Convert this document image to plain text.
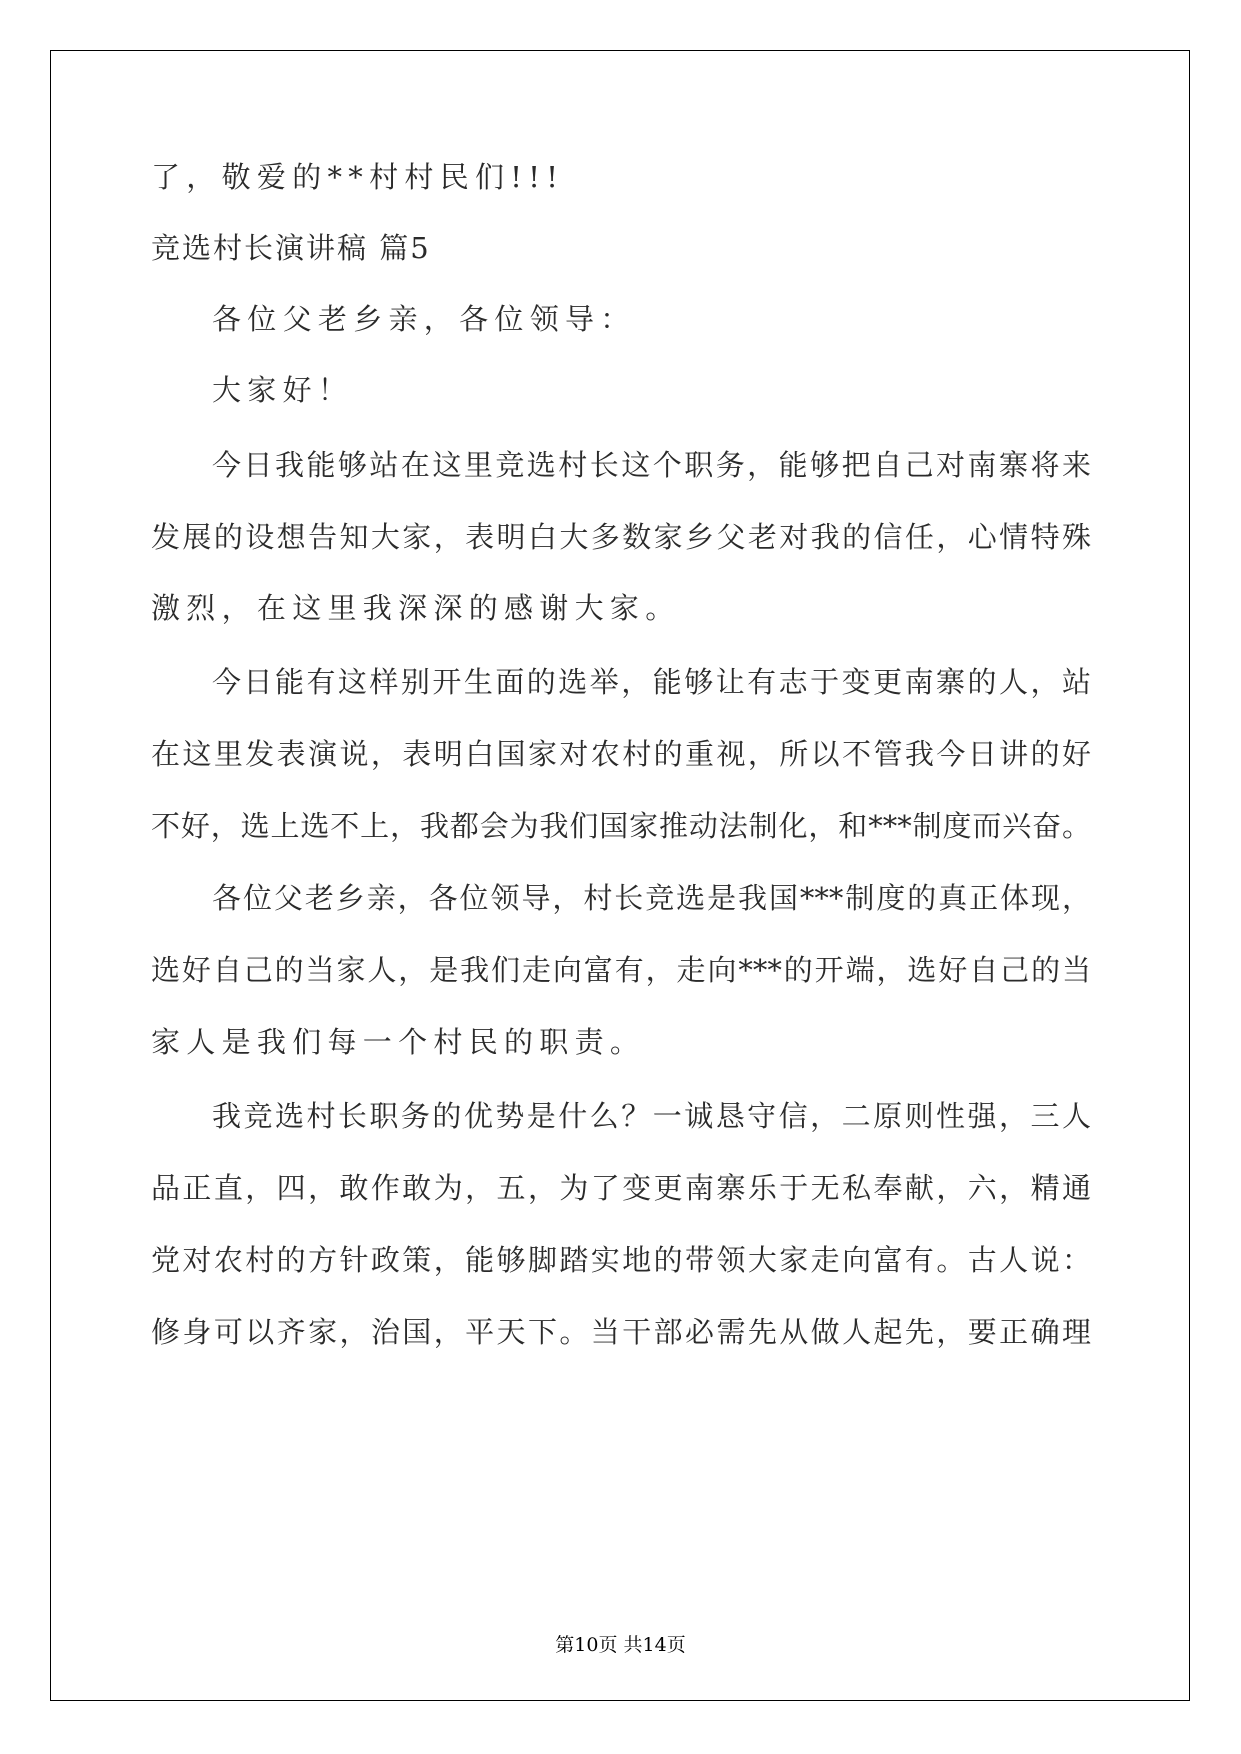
了，敬爱的**村村民们!!!
竞选村长演讲稿 篇5
各位父老乡亲，各位领导：
大家好！
今日我能够站在这里竞选村长这个职务，能够把自己对南寨将来
发展的设想告知大家，表明白大多数家乡父老对我的信任，心情特殊
激烈，在这里我深深的感谢大家。
今日能有这样别开生面的选举，能够让有志于变更南寨的人，站
在这里发表演说，表明白国家对农村的重视，所以不管我今日讲的好
不好，选上选不上，我都会为我们国家推动法制化，和***制度而兴奋。
各位父老乡亲，各位领导，村长竞选是我国***制度的真正体现，
选好自己的当家人，是我们走向富有，走向***的开端，选好自己的当
家人是我们每一个村民的职责。
我竞选村长职务的优势是什么？一诚恳守信，二原则性强，三人
品正直，四，敢作敢为，五，为了变更南寨乐于无私奉献，六，精通
党对农村的方针政策，能够脚踏实地的带领大家走向富有。古人说：
修身可以齐家，治国，平天下。当干部必需先从做人起先，要正确理
第10页 共14页
